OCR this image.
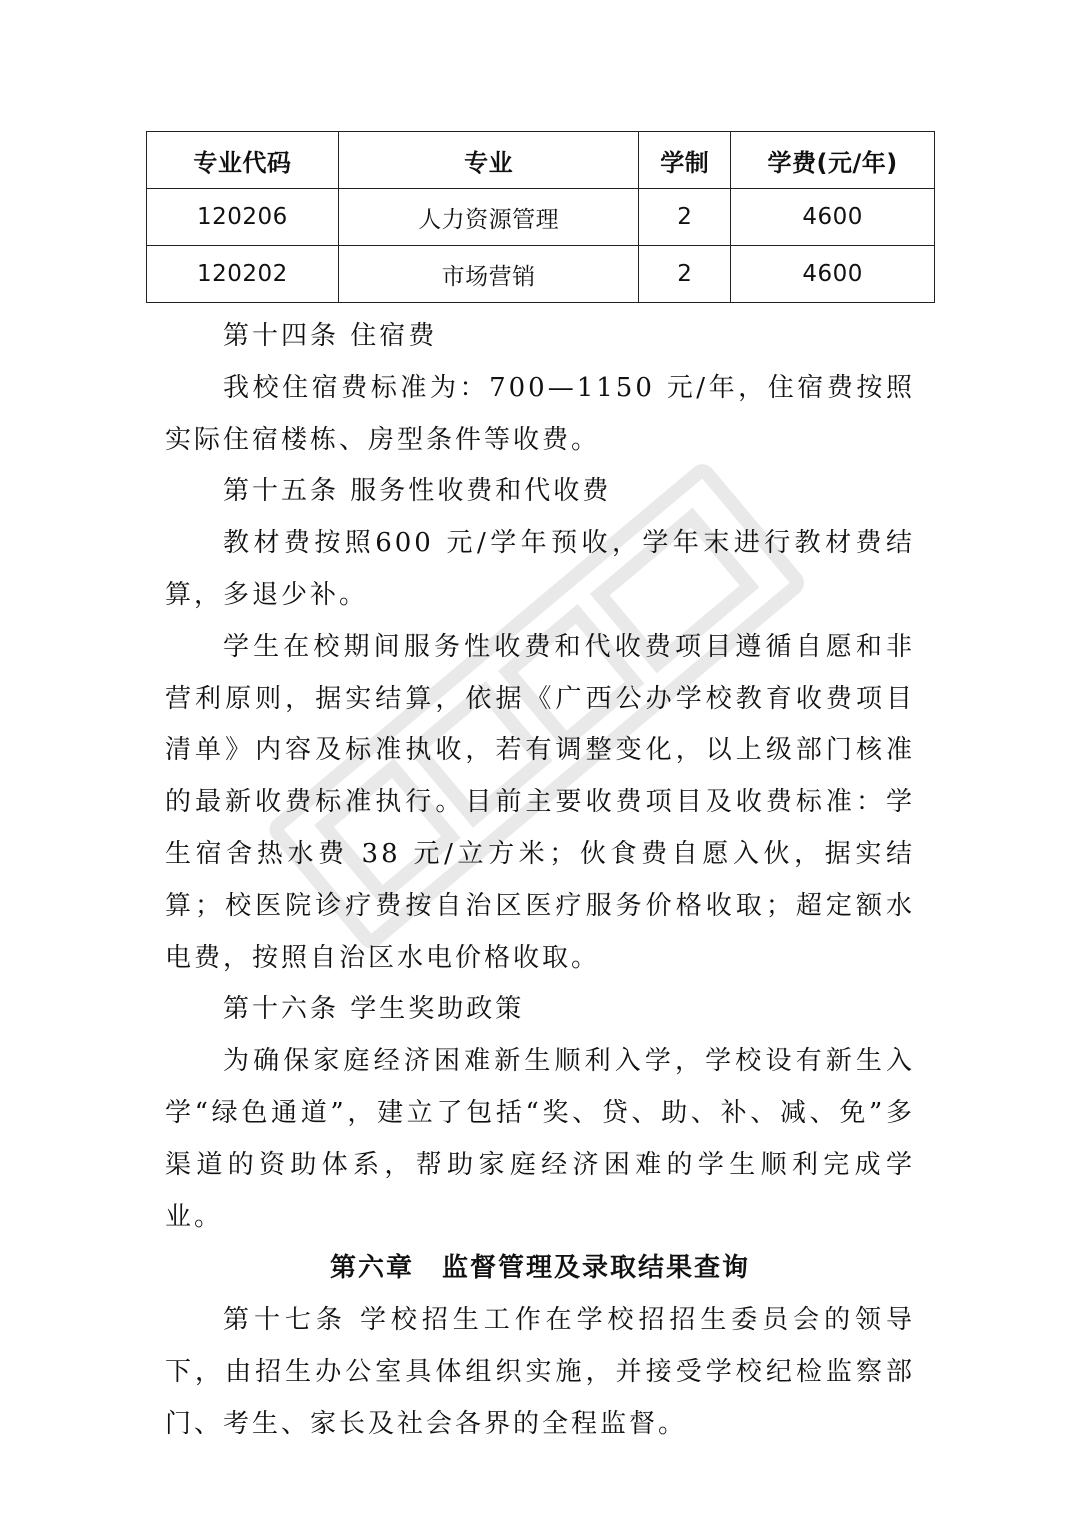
专业代码	专业	学制	学费(元/年)
120206	人力资源管理	2	4600
120202	市场营销	2	4600

第十四条 住宿费

我校住宿费标准为：700—1150 元/年，住宿费按照实际住宿楼栋、房型条件等收费。

第十五条 服务性收费和代收费

教材费按照600 元/学年预收，学年末进行教材费结算，多退少补。

学生在校期间服务性收费和代收费项目遵循自愿和非营利原则，据实结算，依据《广西公办学校教育收费项目清单》内容及标准执收，若有调整变化，以上级部门核准的最新收费标准执行。目前主要收费项目及收费标准：学生宿舍热水费 38 元/立方米；伙食费自愿入伙，据实结算；校医院诊疗费按自治区医疗服务价格收取；超定额水电费，按照自治区水电价格收取。

第十六条 学生奖助政策

为确保家庭经济困难新生顺利入学，学校设有新生入学“绿色通道”，建立了包括“奖、贷、助、补、减、免”多渠道的资助体系，帮助家庭经济困难的学生顺利完成学业。

第六章　监督管理及录取结果查询

第十七条 学校招生工作在学校招招生委员会的领导下，由招生办公室具体组织实施，并接受学校纪检监察部门、考生、家长及社会各界的全程监督。
